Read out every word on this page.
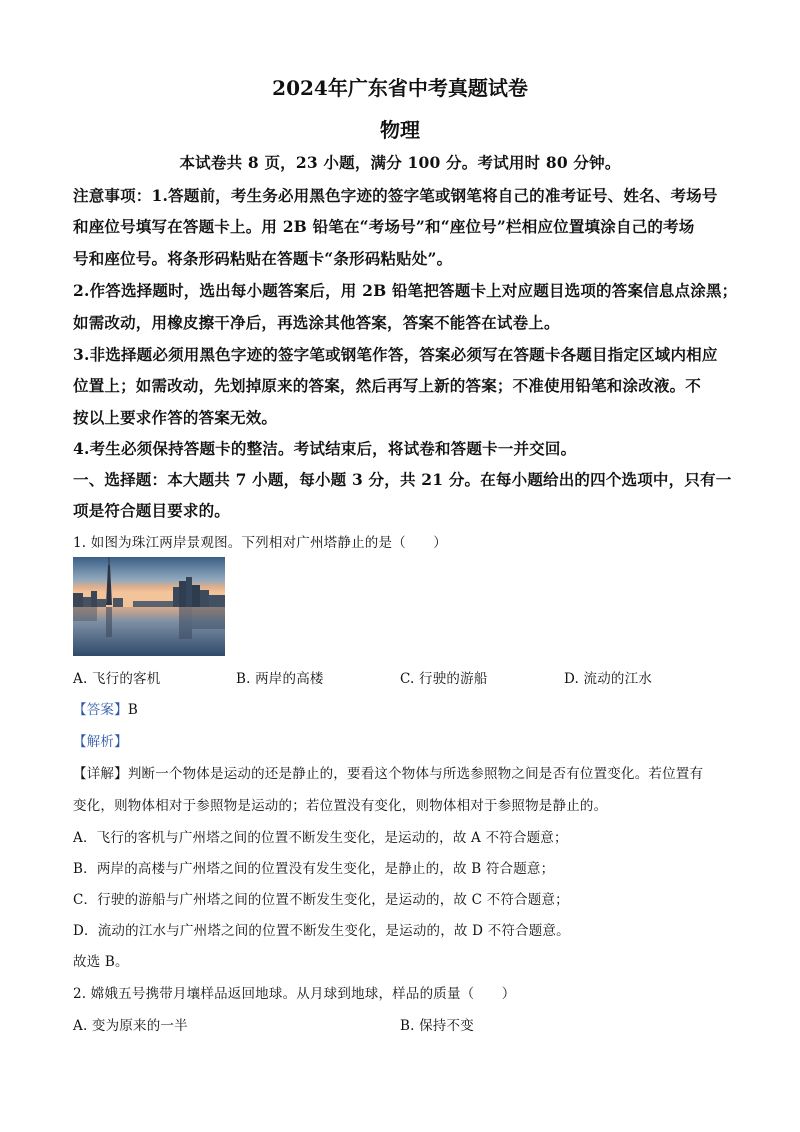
2024年广东省中考真题试卷
物理
本试卷共 8 页，23 小题，满分 100 分。考试用时 80 分钟。
注意事项：1.答题前，考生务必用黑色字迹的签字笔或钢笔将自己的准考证号、姓名、考场号
和座位号填写在答题卡上。用 2B 铅笔在“考场号”和“座位号”栏相应位置填涂自己的考场
号和座位号。将条形码粘贴在答题卡“条形码粘贴处”。
2.作答选择题时，选出每小题答案后，用 2B 铅笔把答题卡上对应题目选项的答案信息点涂黑；
如需改动，用橡皮擦干净后，再选涂其他答案，答案不能答在试卷上。
3.非选择题必须用黑色字迹的签字笔或钢笔作答，答案必须写在答题卡各题目指定区域内相应
位置上；如需改动，先划掉原来的答案，然后再写上新的答案；不准使用铅笔和涂改液。不
按以上要求作答的答案无效。
4.考生必须保持答题卡的整洁。考试结束后，将试卷和答题卡一并交回。
一、选择题：本大题共 7 小题，每小题 3 分，共 21 分。在每小题给出的四个选项中，只有一
项是符合题目要求的。
1. 如图为珠江两岸景观图。下列相对广州塔静止的是（　　）
A. 飞行的客机	B. 两岸的高楼	C. 行驶的游船	D. 流动的江水
【答案】B
【解析】
【详解】判断一个物体是运动的还是静止的，要看这个物体与所选参照物之间是否有位置变化。若位置有
变化，则物体相对于参照物是运动的；若位置没有变化，则物体相对于参照物是静止的。
A．飞行的客机与广州塔之间的位置不断发生变化，是运动的，故 A 不符合题意；
B．两岸的高楼与广州塔之间的位置没有发生变化，是静止的，故 B 符合题意；
C．行驶的游船与广州塔之间的位置不断发生变化，是运动的，故 C 不符合题意；
D．流动的江水与广州塔之间的位置不断发生变化，是运动的，故 D 不符合题意。
故选 B。
2. 嫦娥五号携带月壤样品返回地球。从月球到地球，样品的质量（　　）
A. 变为原来的一半	B. 保持不变
